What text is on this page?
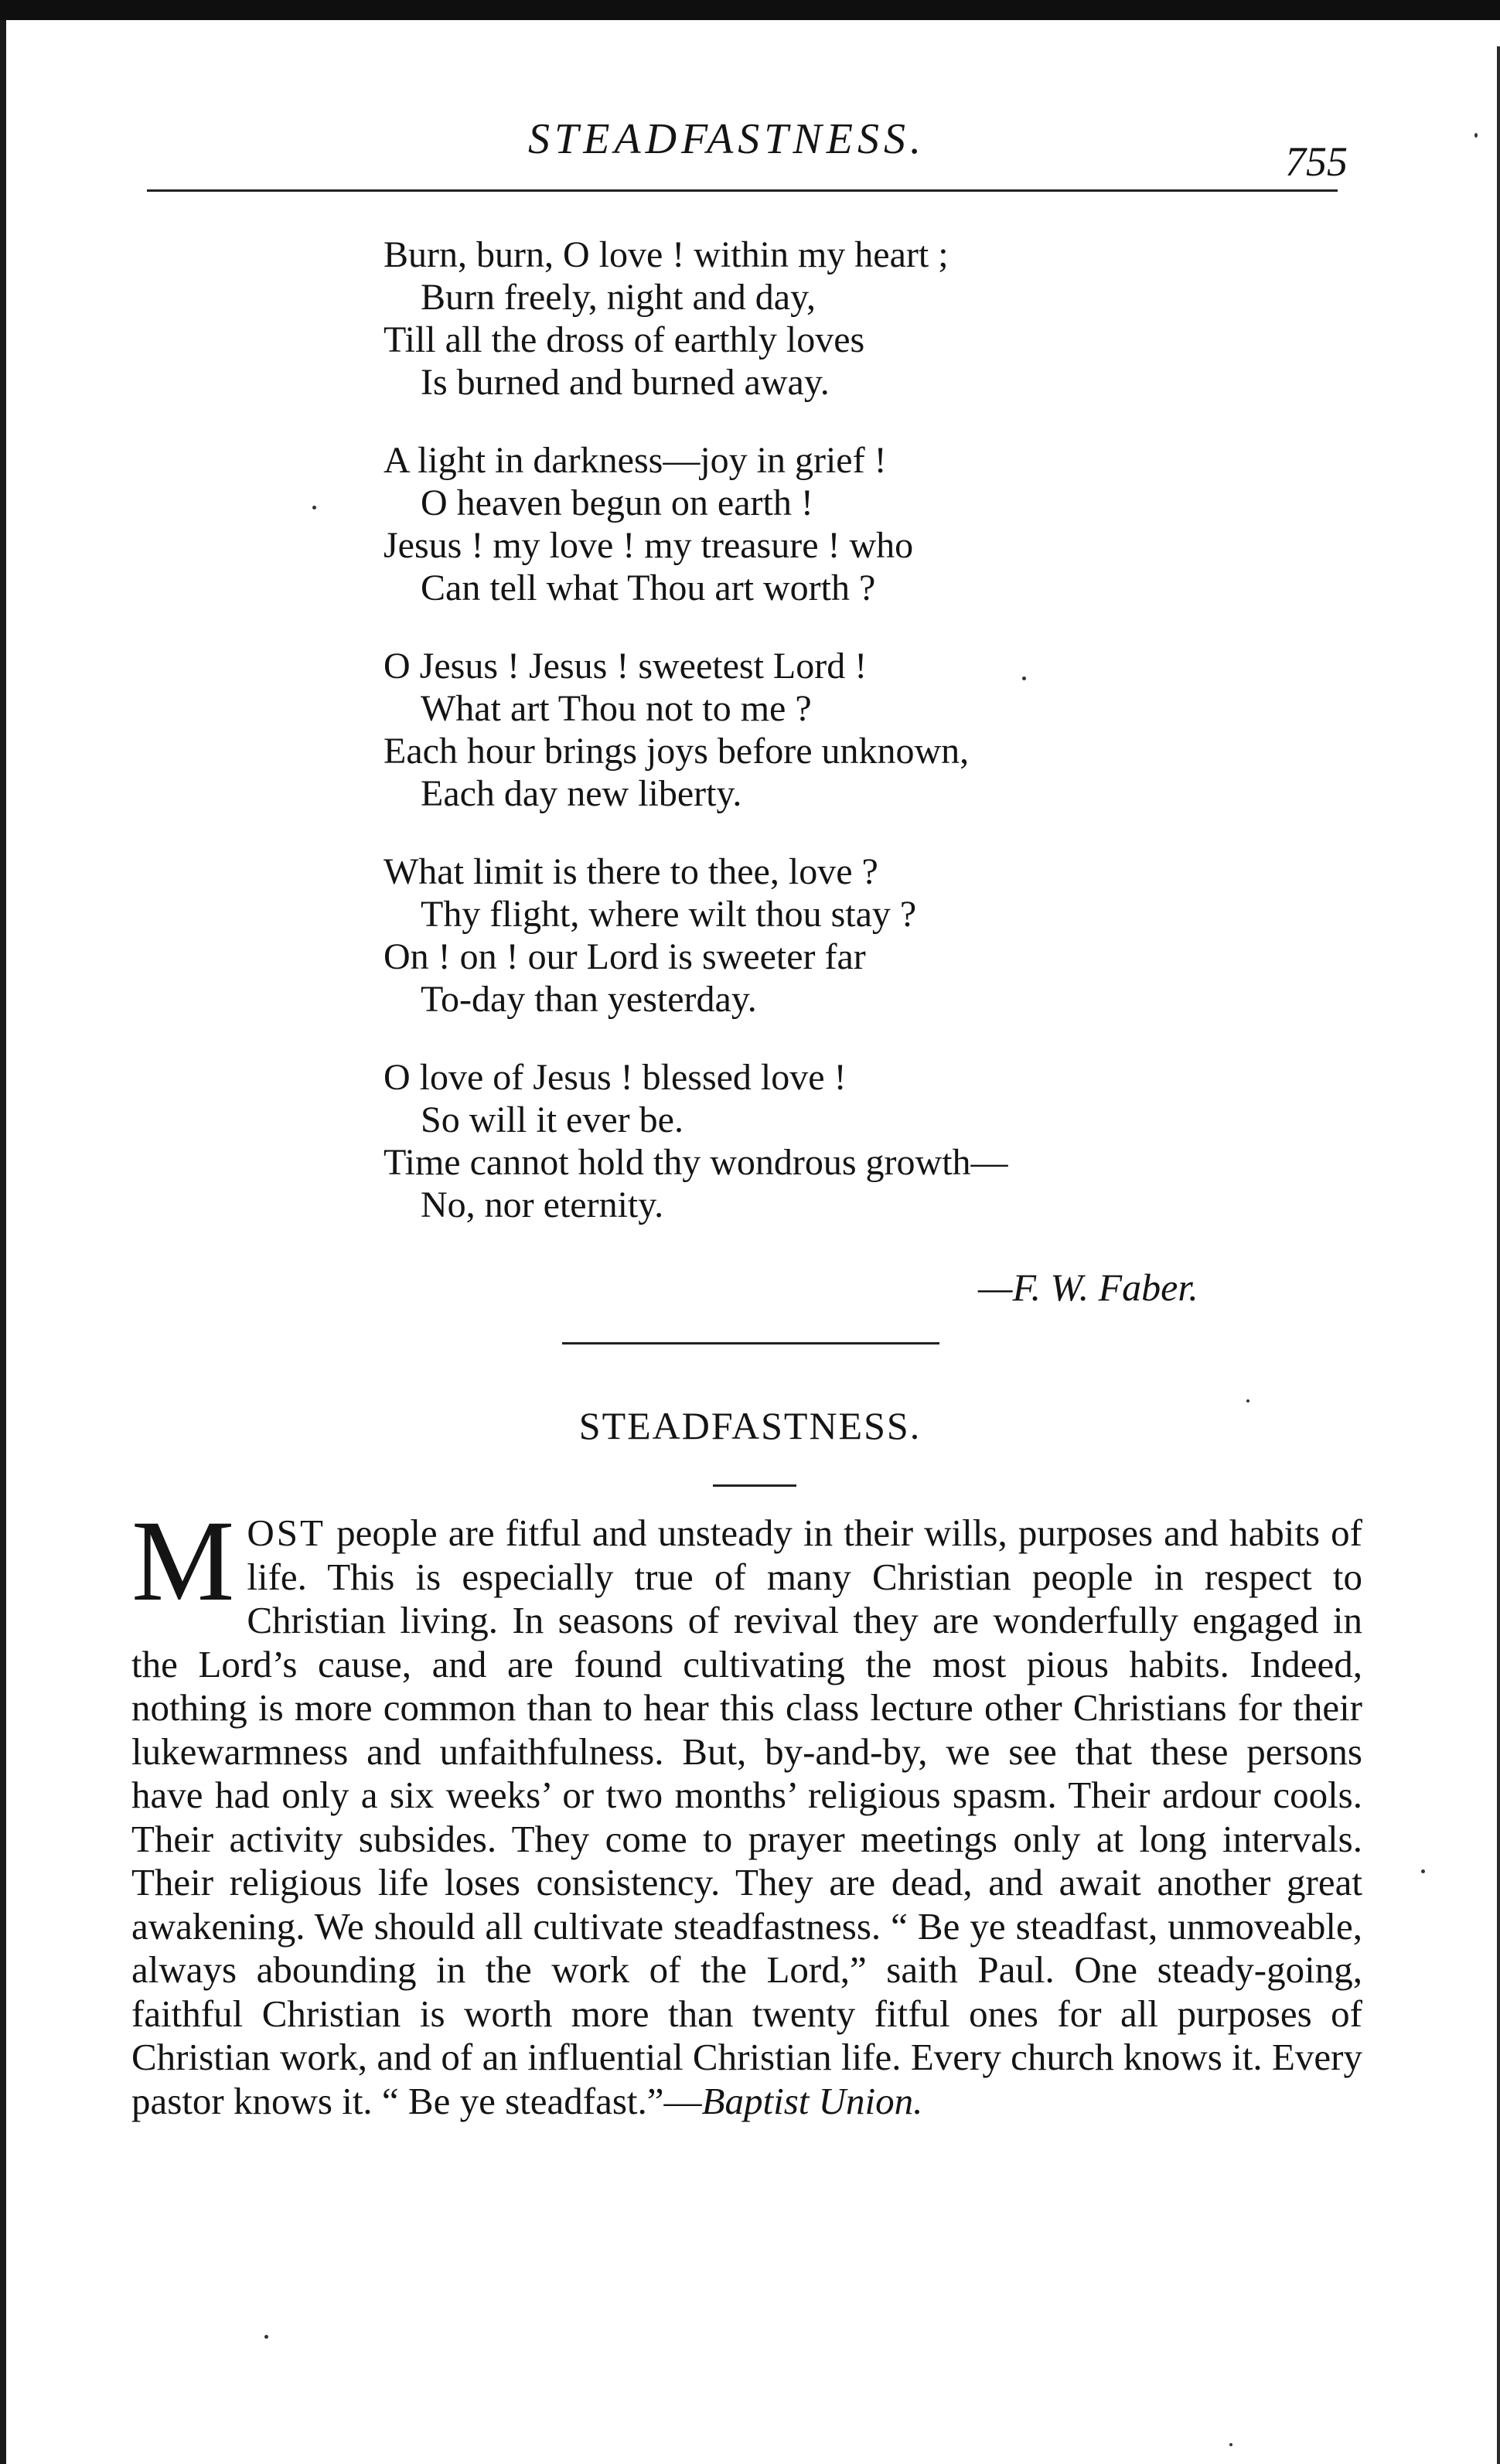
STEADFASTNESS.	755
Burn, burn, O love ! within my heart ;
Burn freely, night and day,
Till all the dross of earthly loves
Is burned and burned away.
A light in darkness—joy in grief !
O heaven begun on earth !
Jesus ! my love ! my treasure ! who
Can tell what Thou art worth ?
O Jesus ! Jesus ! sweetest Lord !
What art Thou not to me ?
Each hour brings joys before unknown,
Each day new liberty.
What limit is there to thee, love ?
Thy flight, where wilt thou stay ?
On ! on ! our Lord is sweeter far
To-day than yesterday.
O love of Jesus ! blessed love !
So will it ever be.
Time cannot hold thy wondrous growth—
No, nor eternity.
—F. W. Faber.
STEADFASTNESS.
MOST people are fitful and unsteady in their wills, purposes and habits of life. This is especially true of many Christian people in respect to Christian living. In seasons of revival they are wonderfully engaged in the Lord’s cause, and are found cultivating the most pious habits. Indeed, nothing is more common than to hear this class lecture other Christians for their lukewarmness and unfaithfulness. But, by-and-by, we see that these persons have had only a six weeks’ or two months’ religious spasm. Their ardour cools. Their activity subsides. They come to prayer meetings only at long intervals. Their religious life loses consistency. They are dead, and await another great awakening. We should all cultivate steadfastness. “ Be ye steadfast, unmoveable, always abounding in the work of the Lord,” saith Paul. One steady-going, faithful Christian is worth more than twenty fitful ones for all purposes of Christian work, and of an influential Christian life. Every church knows it. Every pastor knows it. “ Be ye steadfast.”—Baptist Union.
